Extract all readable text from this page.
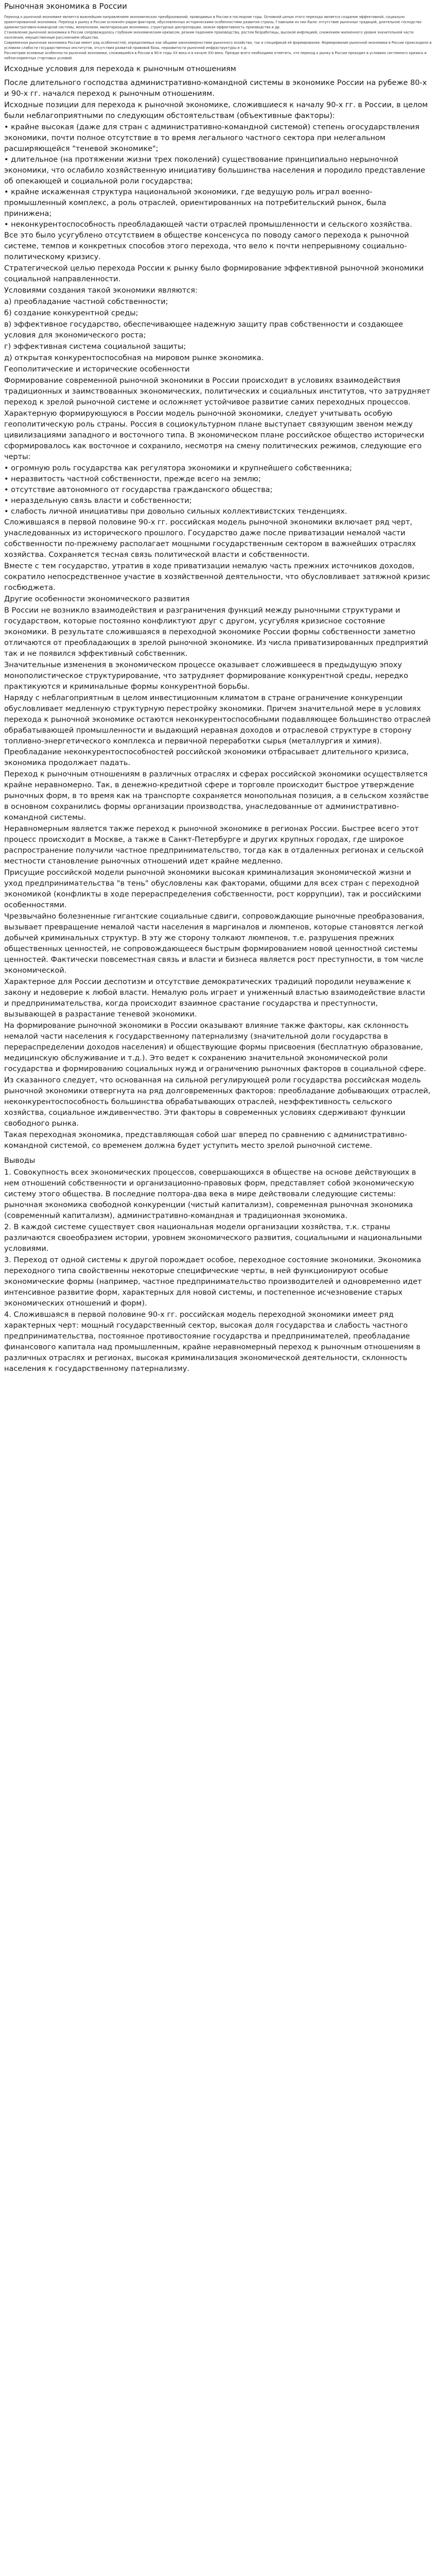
Рыночная экономика в России

Переход к рыночной экономике является важнейшим направлением экономических преобразований, проводимых в России в последние годы. Основной целью этого перехода является создание эффективной, социально ориентированной экономики. Переход к рынку в России осложнён рядом факторов, обусловленных историческими особенностями развития страны. Главными из них были: отсутствие рыночных традиций, длительное господство административно-командной системы, монополизм, милитаризация экономики, структурные диспропорции, низкая эффективность производства и др.

Становление рыночной экономики в России сопровождалось глубоким экономическим кризисом, резким падением производства, ростом безработицы, высокой инфляцией, снижением жизненного уровня значительной части населения, имущественным расслоением общества.

Современная рыночная экономика России имеет ряд особенностей, определяемых как общими закономерностями рыночного хозяйства, так и спецификой её формирования. Формирование рыночной экономики в России происходило в условиях слабости государственных институтов, отсутствия развитой правовой базы, неразвитости рыночной инфраструктуры и т.д.

Рассмотрим основные особенности рыночной экономики, сложившейся в России в 90-е годы XX века и в начале XXI века. Прежде всего необходимо отметить, что переход к рынку в России проходил в условиях системного кризиса и неблагоприятных стартовых условий.

Исходные условия для перехода к рыночным отношениям

После длительного господства административно-командной системы в экономике России на рубеже 80-х и 90-х гг. начался переход к рыночным отношениям.

Исходные позиции для перехода к рыночной экономике, сложившиеся к началу 90-х гг. в России, в целом были неблагоприятными по следующим обстоятельствам (объективные факторы):

• крайне высокая (даже для стран с административно-командной системой) степень огосударствления экономики, почти полное отсутствие в то время легального частного сектора при нелегальном расширяющейся "теневой экономике";
• длительное (на протяжении жизни трех поколений) существование принципиально нерыночной экономики, что ослабило хозяйственную инициативу большинства населения и породило представление об опекающей и социальной роли государства;
• крайне искаженная структура национальной экономики, где ведущую роль играл военно-промышленный комплекс, а роль отраслей, ориентированных на потребительский рынок, была принижена;
• неконкурентоспособность преобладающей части отраслей промышленности и сельского хозяйства.

Все это было усугублено отсутствием в обществе консенсуса по поводу самого перехода к рыночной системе, темпов и конкретных способов этого перехода, что вело к почти непрерывному социально-политическому кризису.

Стратегической целью перехода России к рынку было формирование эффективной рыночной экономики социальной направленности.

Условиями создания такой экономики являются:

а) преобладание частной собственности;

б) создание конкурентной среды;

в) эффективное государство, обеспечивающее надежную защиту прав собственности и создающее условия для экономического роста;

г) эффективная система социальной защиты;

д) открытая конкурентоспособная на мировом рынке экономика.

Геополитические и исторические особенности

Формирование современной рыночной экономики в России происходит в условиях взаимодействия традиционных и заимствованных экономических, политических и социальных институтов, что затрудняет переход к зрелой рыночной системе и осложняет устойчивое развитие самих переходных процессов.

Характерную формирующуюся в России модель рыночной экономики, следует учитывать особую геополитическую роль страны. Россия в социокультурном плане выступает связующим звеном между цивилизациями западного и восточного типа. В экономическом плане российское общество исторически сформировалось как восточное и сохранило, несмотря на смену политических режимов, следующие его черты:

• огромную роль государства как регулятора экономики и крупнейшего собственника;
• неразвитость частной собственности, прежде всего на землю;
• отсутствие автономного от государства гражданского общества;
• нераздельную связь власти и собственности;
• слабость личной инициативы при довольно сильных коллективистских тенденциях.

Сложившаяся в первой половине 90-х гг. российская модель рыночной экономики включает ряд черт, унаследованных из исторического прошлого. Государство даже после приватизации немалой части собственности по-прежнему располагает мощными государственным сектором в важнейших отраслях хозяйства. Сохраняется тесная связь политической власти и собственности.

Вместе с тем государство, утратив в ходе приватизации немалую часть прежних источников доходов, сократило непосредственное участие в хозяйственной деятельности, что обусловливает затяжной кризис госбюджета.

Другие особенности экономического развития

В России не возникло взаимодействия и разграничения функций между рыночными структурами и государством, которые постоянно конфликтуют друг с другом, усугубляя кризисное состояние экономики. В результате сложившаяся в переходной экономике России формы собственности заметно отличаются от преобладающих в зрелой рыночной экономике. Из числа приватизированных предприятий так и не появился эффективный собственник.

Значительные изменения в экономическом процессе оказывает сложившееся в предыдущую эпоху монополистическое структурирование, что затрудняет формирование конкурентной среды, нередко практикуются и криминальные формы конкурентной борьбы.

Наряду с неблагоприятным в целом инвестиционным климатом в стране ограничение конкуренции обусловливает медленную структурную перестройку экономики. Причем значительной мере в условиях перехода к рыночной экономике остаются неконкурентоспособными подавляющее большинство отраслей обрабатывающей промышленности и выдающий неравная доходов и отраслевой структуре в сторону топливно-энергетического комплекса и первичной переработки сырья (металлургия и химия). Преобладание неконкурентоспособностей российской экономики отбрасывает длительного кризиса, экономика продолжает падать.

Переход к рыночным отношениям в различных отраслях и сферах российской экономики осуществляется крайне неравномерно. Так, в денежно-кредитной сфере и торговле происходит быстрое утверждение рыночных форм, в то время как на транспорте сохраняется монопольная позиция, а в сельском хозяйстве в основном сохранились формы организации производства, унаследованные от административно-командной системы.

Неравномерным является также переход к рыночной экономике в регионах России. Быстрее всего этот процесс происходит в Москве, а также в Санкт-Петербурге и других крупных городах, где широкое распространение получили частное предпринимательство, тогда как в отдаленных регионах и сельской местности становление рыночных отношений идет крайне медленно.

Присущие российской модели рыночной экономики высокая криминализация экономической жизни и уход предпринимательства "в тень" обусловлены как факторами, общими для всех стран с переходной экономикой (конфликты в ходе перераспределения собственности, рост коррупции), так и российскими особенностями.

Чрезвычайно болезненные гигантские социальные сдвиги, сопровождающие рыночные преобразования, вызывает превращение немалой части населения в маргиналов и люмпенов, которые становятся легкой добычей криминальных структур. В эту же сторону толкают люмпенов, т.е. разрушения прежних общественных ценностей, не сопровождающееся быстрым формированием новой ценностной системы ценностей. Фактически повсеместная связь и власти и бизнеса является рост преступности, в том числе экономической.

Характерное для России деспотизм и отсутствие демократических традиций породили неуважение к закону и недоверие к любой власти. Немалую роль играет и униженный властью взаимодействие власти и предпринимательства, когда происходит взаимное срастание государства и преступности, вызывающей в разрастание теневой экономики.

На формирование рыночной экономики в России оказывают влияние также факторы, как склонность немалой части населения к государственному патернализму (значительной доли государства в перераспределении доходов населения) и обществующие формы присвоения (бесплатную образование, медицинскую обслуживание и т.д.). Это ведет к сохранению значительной экономической роли государства и формированию социальных нужд и ограничению рыночных факторов в социальной сфере.

Из сказанного следует, что основанная на сильной регулирующей роли государства российская модель рыночной экономики отвергнута на ряд долговременных факторов: преобладание добывающих отраслей, неконкурентоспособность большинства обрабатывающих отраслей, неэффективность сельского хозяйства, социальное иждивенчество. Эти факторы в современных условиях сдерживают функции свободного рынка.

Такая переходная экономика, представляющая собой шаг вперед по сравнению с административно-командной системой, со временем должна будет уступить место зрелой рыночной системе.

Выводы

1. Совокупность всех экономических процессов, совершающихся в обществе на основе действующих в нем отношений собственности и организационно-правовых форм, представляет собой экономическую систему этого общества. В последние полтора-два века в мире действовали следующие системы: рыночная экономика свободной конкуренции (чистый капитализм), современная рыночная экономика (современный капитализм), административно-командная и традиционная экономика.

2. В каждой системе существует своя национальная модели организации хозяйства, т.к. страны различаются своеобразием истории, уровнем экономического развития, социальными и национальными условиями.

3. Переход от одной системы к другой порождает особое, переходное состояние экономики. Экономика переходного типа свойственны некоторые специфические черты, в ней функционируют особые экономические формы (например, частное предпринимательство производителей и одновременно идет интенсивное развитие форм, характерных для новой системы, и постепенное исчезновение старых экономических отношений и форм).

4. Сложившаяся в первой половине 90-х гг. российская модель переходной экономики имеет ряд характерных черт: мощный государственный сектор, высокая доля государства и слабость частного предпринимательства, постоянное противостояние государства и предпринимателей, преобладание финансового капитала над промышленным, крайне неравномерный переход к рыночным отношениям в различных отраслях и регионах, высокая криминализация экономической деятельности, склонность населения к государственному патернализму.
